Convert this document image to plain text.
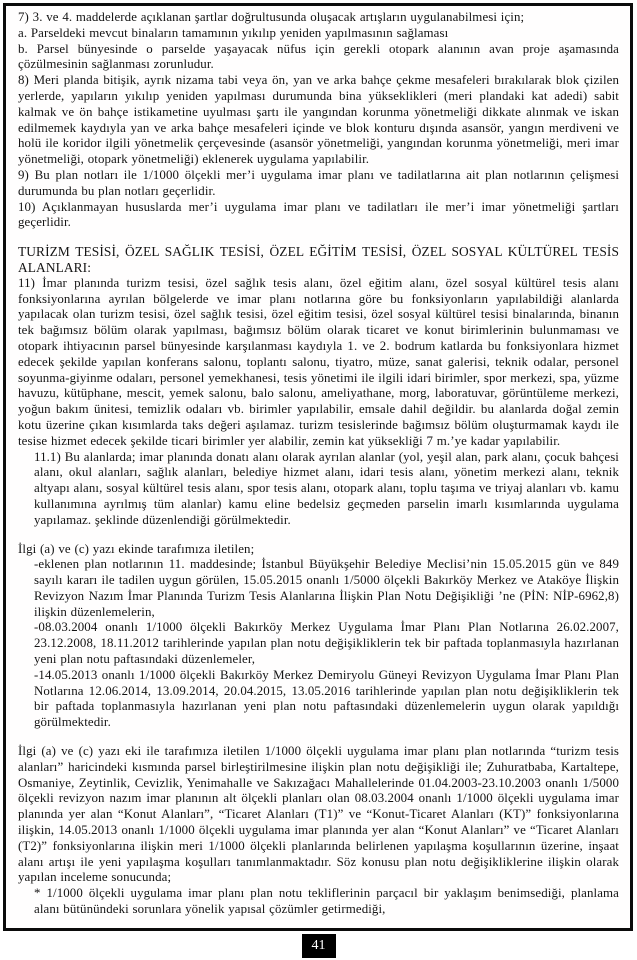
7) 3. ve 4. maddelerde açıklanan şartlar doğrultusunda oluşacak artışların uygulanabilmesi için;

a. Parseldeki mevcut binaların tamamının yıkılıp yeniden yapılmasının sağlaması

b. Parsel bünyesinde o parselde yaşayacak nüfus için gerekli otopark alanının avan proje aşamasında çözülmesinin sağlanması zorunludur.

8) Meri planda bitişik, ayrık nizama tabi veya ön, yan ve arka bahçe çekme mesafeleri bırakılarak blok çizilen yerlerde, yapıların yıkılıp yeniden yapılması durumunda bina yükseklikleri (meri plandaki kat adedi) sabit kalmak ve ön bahçe istikametine uyulması şartı ile yangından korunma yönetmeliği dikkate alınmak ve iskan edilmemek kaydıyla yan ve arka bahçe mesafeleri içinde ve blok konturu dışında asansör, yangın merdiveni ve holü ile koridor ilgili yönetmelik çerçevesinde (asansör yönetmeliği, yangından korunma yönetmeliği, meri imar yönetmeliği, otopark yönetmeliği) eklenerek uygulama yapılabilir.

9) Bu plan notları ile 1/1000 ölçekli mer’i uygulama imar planı ve tadilatlarına ait plan notlarının çelişmesi durumunda bu plan notları geçerlidir.

10) Açıklanmayan hususlarda mer’i uygulama imar planı ve tadilatları ile mer’i imar yönetmeliği şartları geçerlidir.

TURİZM TESİSİ, ÖZEL SAĞLIK TESİSİ, ÖZEL EĞİTİM TESİSİ, ÖZEL SOSYAL KÜLTÜREL TESİS ALANLARI:

11) İmar planında turizm tesisi, özel sağlık tesis alanı, özel eğitim alanı, özel sosyal kültürel tesis alanı fonksiyonlarına ayrılan bölgelerde ve imar planı notlarına göre bu fonksiyonların yapılabildiği alanlarda yapılacak olan turizm tesisi, özel sağlık tesisi, özel eğitim tesisi, özel sosyal kültürel tesisi binalarında, binanın tek bağımsız bölüm olarak yapılması, bağımsız bölüm olarak ticaret ve konut birimlerinin bulunmaması ve otopark ihtiyacının parsel bünyesinde karşılanması kaydıyla 1. ve 2. bodrum katlarda bu fonksiyonlara hizmet edecek şekilde yapılan konferans salonu, toplantı salonu, tiyatro, müze, sanat galerisi, teknik odalar, personel soyunma-giyinme odaları, personel yemekhanesi, tesis yönetimi ile ilgili idari birimler, spor merkezi, spa, yüzme havuzu, kütüphane, mescit, yemek salonu, balo salonu, ameliyathane, morg, laboratuvar, görüntüleme merkezi, yoğun bakım ünitesi, temizlik odaları vb. birimler yapılabilir, emsale dahil değildir. bu alanlarda doğal zemin kotu üzerine çıkan kısımlarda taks değeri aşılamaz. turizm tesislerinde bağımsız bölüm oluşturmamak kaydı ile tesise hizmet edecek şekilde ticari birimler yer alabilir, zemin kat yüksekliği 7 m.’ye kadar yapılabilir.

11.1) Bu alanlarda; imar planında donatı alanı olarak ayrılan alanlar (yol, yeşil alan, park alanı, çocuk bahçesi alanı, okul alanları, sağlık alanları, belediye hizmet alanı, idari tesis alanı, yönetim merkezi alanı, teknik altyapı alanı, sosyal kültürel tesis alanı, spor tesis alanı, otopark alanı, toplu taşıma ve triyaj alanları vb. kamu kullanımına ayrılmış tüm alanlar) kamu eline bedelsiz geçmeden parselin imarlı kısımlarında uygulama yapılamaz. şeklinde düzenlendiği görülmektedir.

İlgi (a) ve (c) yazı ekinde tarafımıza iletilen;

-eklenen plan notlarının 11. maddesinde; İstanbul Büyükşehir Belediye Meclisi’nin 15.05.2015 gün ve 849 sayılı kararı ile tadilen uygun görülen, 15.05.2015 onanlı 1/5000 ölçekli Bakırköy Merkez ve Ataköye İlişkin Revizyon Nazım İmar Planında Turizm Tesis Alanlarına İlişkin Plan Notu Değişikliği ’ne (PİN: NİP-6962,8) ilişkin düzenlemelerin,

-08.03.2004 onanlı 1/1000 ölçekli Bakırköy Merkez Uygulama İmar Planı Plan Notlarına 26.02.2007, 23.12.2008, 18.11.2012 tarihlerinde yapılan plan notu değişikliklerin tek bir paftada toplanmasıyla hazırlanan yeni plan notu paftasındaki düzenlemeler,

-14.05.2013 onanlı 1/1000 ölçekli Bakırköy Merkez Demiryolu Güneyi Revizyon Uygulama İmar Planı Plan Notlarına 12.06.2014, 13.09.2014, 20.04.2015, 13.05.2016 tarihlerinde yapılan plan notu değişikliklerin tek bir paftada toplanmasıyla hazırlanan yeni plan notu paftasındaki düzenlemelerin uygun olarak yapıldığı görülmektedir.

İlgi (a) ve (c) yazı eki ile tarafımıza iletilen 1/1000 ölçekli uygulama imar planı plan notlarında “turizm tesis alanları” haricindeki kısmında parsel birleştirilmesine ilişkin plan notu değişikliği ile; Zuhuratbaba, Kartaltepe, Osmaniye, Zeytinlik, Cevizlik, Yenimahalle ve Sakızağacı Mahallelerinde 01.04.2003-23.10.2003 onanlı 1/5000 ölçekli revizyon nazım imar planının alt ölçekli planları olan 08.03.2004 onanlı 1/1000 ölçekli uygulama imar planında yer alan “Konut Alanları”, “Ticaret Alanları (T1)” ve “Konut-Ticaret Alanları (KT)” fonksiyonlarına ilişkin, 14.05.2013 onanlı 1/1000 ölçekli uygulama imar planında yer alan “Konut Alanları” ve “Ticaret Alanları (T2)” fonksiyonlarına ilişkin meri 1/1000 ölçekli planlarında belirlenen yapılaşma koşullarının üzerine, inşaat alanı artışı ile yeni yapılaşma koşulları tanımlanmaktadır. Söz konusu plan notu değişikliklerine ilişkin olarak yapılan inceleme sonucunda;

* 1/1000 ölçekli uygulama imar planı plan notu tekliflerinin parçacıl bir yaklaşım benimsediği, planlama alanı bütünündeki sorunlara yönelik yapısal çözümler getirmediği,

41
